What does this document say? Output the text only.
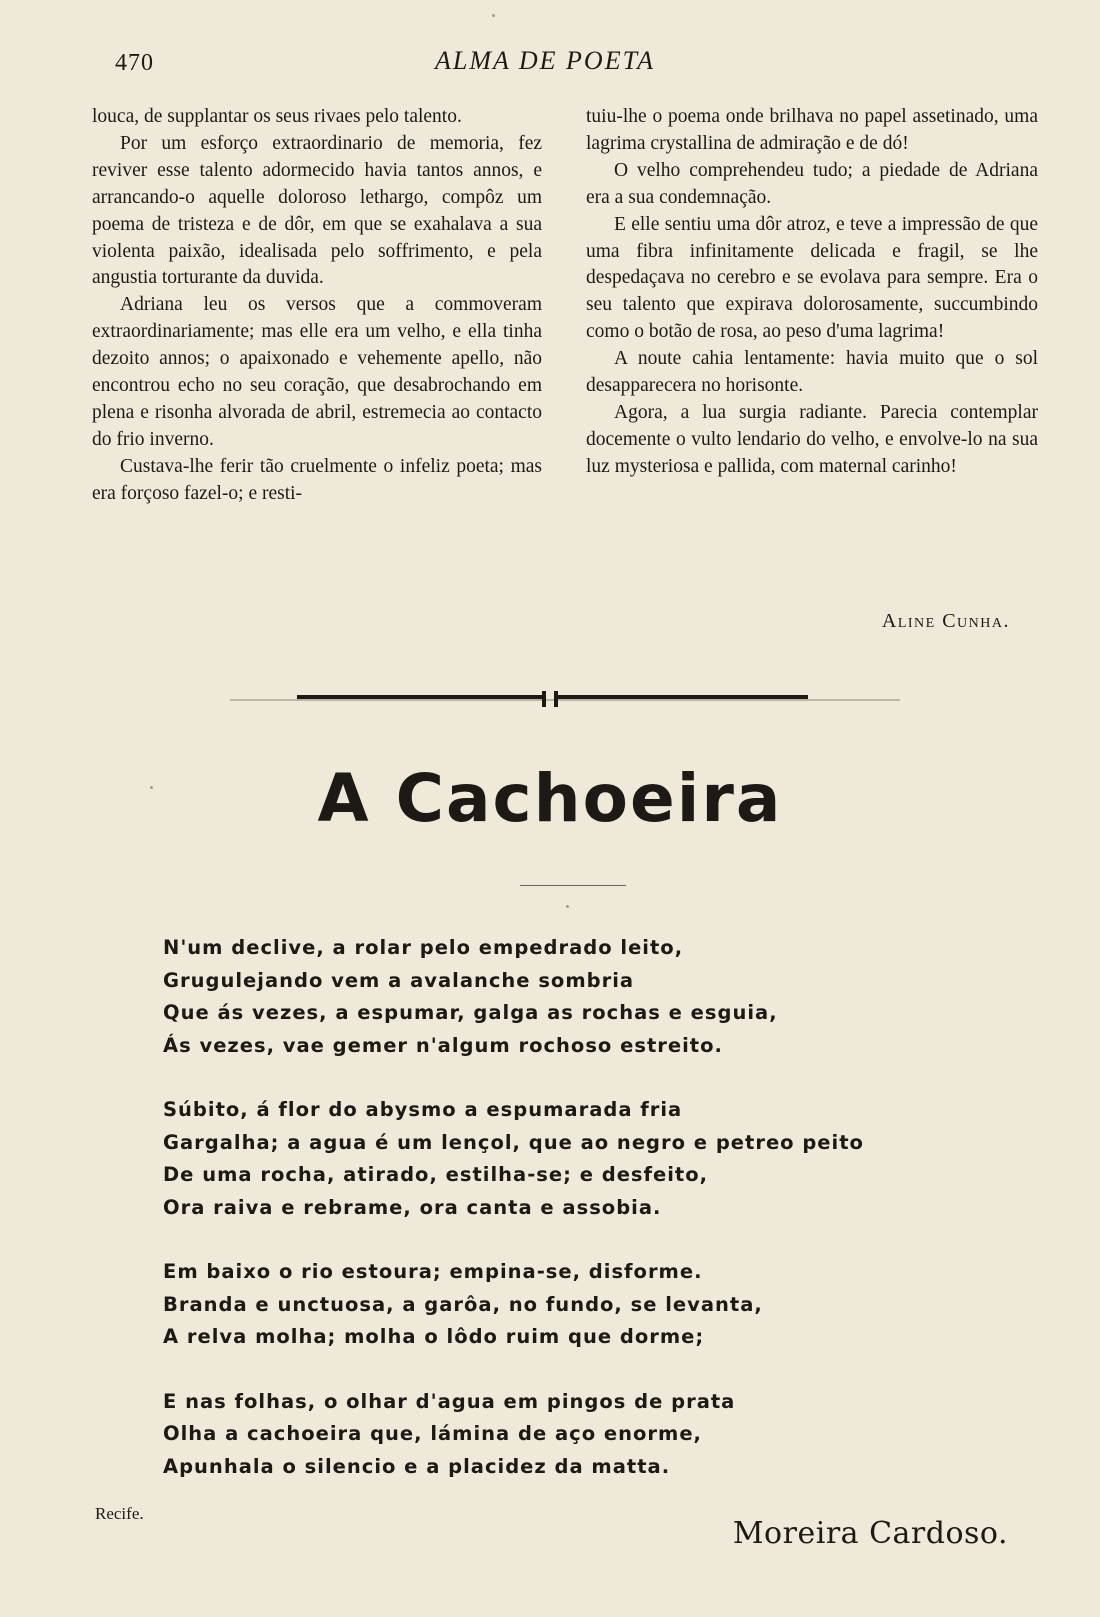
470	ALMA DE POETA

louca, de supplantar os seus rivaes pelo talento.

Por um esforço extraordinario de memoria, fez reviver esse talento adormecido havia tantos annos, e arrancando-o aquelle doloroso lethargo, compôz um poema de tristeza e de dôr, em que se exahalava a sua violenta paixão, idealisada pelo soffrimento, e pela angustia torturante da duvida.

Adriana leu os versos que a commoveram extraordinariamente; mas elle era um velho, e ella tinha dezoito annos; o apaixonado e vehemente apello, não encontrou echo no seu coração, que desabrochando em plena e risonha alvorada de abril, estremecia ao contacto do frio inverno.

Custava-lhe ferir tão cruelmente o infeliz poeta; mas era forçoso fazel-o; e resti-

tuiu-lhe o poema onde brilhava no papel assetinado, uma lagrima crystallina de admiração e de dó!

O velho comprehendeu tudo; a piedade de Adriana era a sua condemnação.

E elle sentiu uma dôr atroz, e teve a impressão de que uma fibra infinitamente delicada e fragil, se lhe despedaçava no cerebro e se evolava para sempre. Era o seu talento que expirava dolorosamente, succumbindo como o botão de rosa, ao peso d'uma lagrima!

A noute cahia lentamente: havia muito que o sol desapparecera no horisonte.

Agora, a lua surgia radiante. Parecia contemplar docemente o vulto lendario do velho, e envolve-lo na sua luz mysteriosa e pallida, com maternal carinho!

Aline Cunha.
A Cachoeira
N'um declive, a rolar pelo empedrado leito,
Grugulejando vem a avalanche sombria
Que ás vezes, a espumar, galga as rochas e esguia,
Ás vezes, vae gemer n'algum rochoso estreito.
Súbito, á flor do abysmo a espumarada fria
Gargalha; a agua é um lençol, que ao negro e petreo peito
De uma rocha, atirado, estilha-se; e desfeito,
Ora raiva e rebrame, ora canta e assobia.
Em baixo o rio estoura; empina-se, disforme.
Branda e unctuosa, a garôa, no fundo, se levanta,
A relva molha; molha o lôdo ruim que dorme;
E nas folhas, o olhar d'agua em pingos de prata
Olha a cachoeira que, lámina de aço enorme,
Apunhala o silencio e a placidez da matta.
Recife.
Moreira Cardoso.
